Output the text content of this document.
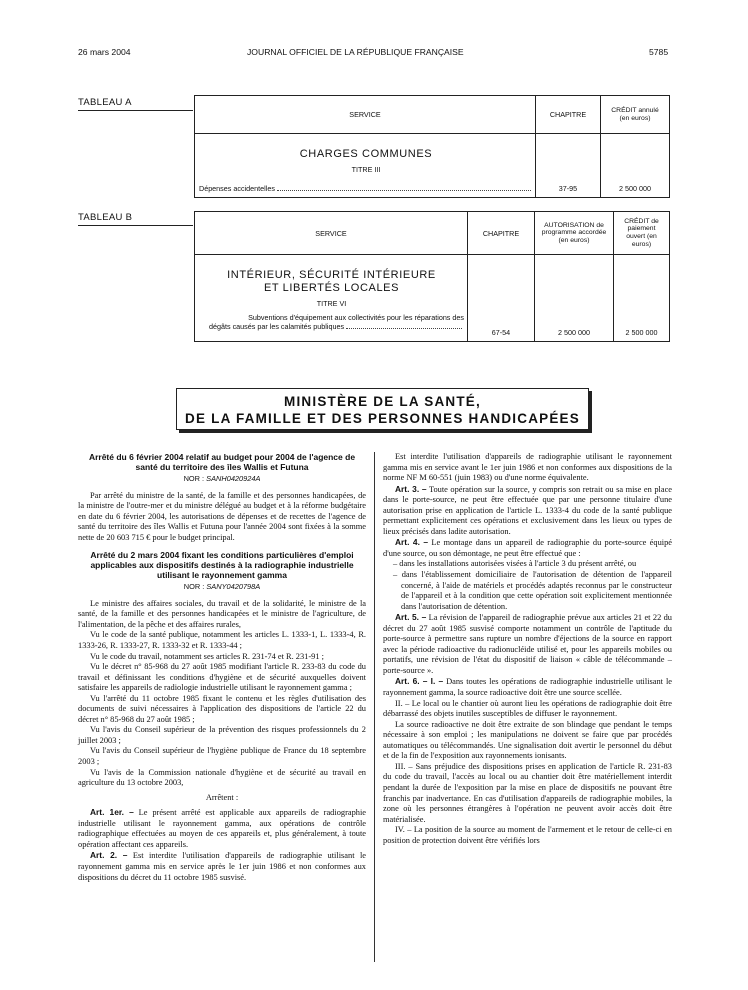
26 mars 2004	JOURNAL OFFICIEL DE LA RÉPUBLIQUE FRANÇAISE	5785
TABLEAU A
SERVICE	CHAPITRE	CRÉDIT annulé (en euros)

CHARGES COMMUNES
TITRE III
Dépenses accidentelles	37-95	2 500 000
TABLEAU B
SERVICE	CHAPITRE	AUTORISATION de programme accordée (en euros)	CRÉDIT de paiement ouvert (en euros)

INTÉRIEUR, SÉCURITÉ INTÉRIEURE
ET LIBERTÉS LOCALES
TITRE VI
Subventions d'équipement aux collectivités pour les réparations des
dégâts causés par les calamités publiques	67-54	2 500 000	2 500 000
MINISTÈRE DE LA SANTÉ,
DE LA FAMILLE ET DES PERSONNES HANDICAPÉES

Arrêté du 6 février 2004 relatif au budget pour 2004 de l'agence de santé du territoire des îles Wallis et Futuna

NOR : SANH0420924A

Par arrêté du ministre de la santé, de la famille et des personnes handicapées, de la ministre de l'outre-mer et du ministre délégué au budget et à la réforme budgétaire en date du 6 février 2004, les autorisations de dépenses et de recettes de l'agence de santé du territoire des îles Wallis et Futuna pour l'année 2004 sont fixées à la somme nette de 20 603 715 € pour le budget principal.

Arrêté du 2 mars 2004 fixant les conditions particulières d'emploi applicables aux dispositifs destinés à la radiographie industrielle utilisant le rayonnement gamma

NOR : SANY0420798A

Le ministre des affaires sociales, du travail et de la solidarité, le ministre de la santé, de la famille et des personnes handicapées et le ministre de l'agriculture, de l'alimentation, de la pêche et des affaires rurales,

Vu le code de la santé publique, notamment les articles L. 1333-1, L. 1333-4, R. 1333-26, R. 1333-27, R. 1333-32 et R. 1333-44 ;

Vu le code du travail, notamment ses articles R. 231-74 et R. 231-91 ;

Vu le décret n° 85-968 du 27 août 1985 modifiant l'article R. 233-83 du code du travail et définissant les conditions d'hygiène et de sécurité auxquelles doivent satisfaire les appareils de radiologie industrielle utilisant le rayonnement gamma ;

Vu l'arrêté du 11 octobre 1985 fixant le contenu et les règles d'utilisation des documents de suivi nécessaires à l'application des dispositions de l'article 22 du décret n° 85-968 du 27 août 1985 ;

Vu l'avis du Conseil supérieur de la prévention des risques professionnels du 2 juillet 2003 ;

Vu l'avis du Conseil supérieur de l'hygiène publique de France du 18 septembre 2003 ;

Vu l'avis de la Commission nationale d'hygiène et de sécurité au travail en agriculture du 13 octobre 2003,

Arrêtent :

Art. 1er. – Le présent arrêté est applicable aux appareils de radiographie industrielle utilisant le rayonnement gamma, aux opérations de contrôle radiographique effectuées au moyen de ces appareils et, plus généralement, à toute opération affectant ces appareils.

Art. 2. – Est interdite l'utilisation d'appareils de radiographie utilisant le rayonnement gamma mis en service après le 1er juin 1986 et non conformes aux dispositions du décret du 11 octobre 1985 susvisé.

Est interdite l'utilisation d'appareils de radiographie utilisant le rayonnement gamma mis en service avant le 1er juin 1986 et non conformes aux dispositions de la norme NF M 60-551 (juin 1983) ou d'une norme équivalente.

Art. 3. – Toute opération sur la source, y compris son retrait ou sa mise en place dans le porte-source, ne peut être effectuée que par une personne titulaire d'une autorisation prise en application de l'article L. 1333-4 du code de la santé publique permettant explicitement ces opérations et exclusivement dans les lieux ou types de lieux précisés dans ladite autorisation.

Art. 4. – Le montage dans un appareil de radiographie du porte-source équipé d'une source, ou son démontage, ne peut être effectué que :

– dans les installations autorisées visées à l'article 3 du présent arrêté, ou
– dans l'établissement domiciliaire de l'autorisation de détention de l'appareil concerné, à l'aide de matériels et procédés adaptés reconnus par le constructeur de l'appareil et à la condition que cette opération soit explicitement mentionnée dans l'autorisation de détention.

Art. 5. – La révision de l'appareil de radiographie prévue aux articles 21 et 22 du décret du 27 août 1985 susvisé comporte notamment un contrôle de l'aptitude du porte-source à permettre sans rupture un nombre d'éjections de la source en rapport avec la période radioactive du radionucléide utilisé et, pour les appareils mobiles ou portatifs, une révision de l'état du dispositif de liaison « câble de télécommande – porte-source ».

Art. 6. – I. – Dans toutes les opérations de radiographie industrielle utilisant le rayonnement gamma, la source radioactive doit être une source scellée.

II. – Le local ou le chantier où auront lieu les opérations de radiographie doit être débarrassé des objets inutiles susceptibles de diffuser le rayonnement.

La source radioactive ne doit être extraite de son blindage que pendant le temps nécessaire à son emploi ; les manipulations ne doivent se faire que par procédés automatiques ou télécommandés. Une signalisation doit avertir le personnel du début et de la fin de l'exposition aux rayonnements ionisants.

III. – Sans préjudice des dispositions prises en application de l'article R. 231-83 du code du travail, l'accès au local ou au chantier doit être matériellement interdit pendant la durée de l'exposition par la mise en place de dispositifs ne pouvant être franchis par inadvertance. En cas d'utilisation d'appareils de radiographie mobiles, la zone où les personnes étrangères à l'opération ne peuvent avoir accès doit être matérialisée.

IV. – La position de la source au moment de l'armement et le retour de celle-ci en position de protection doivent être vérifiés lors
